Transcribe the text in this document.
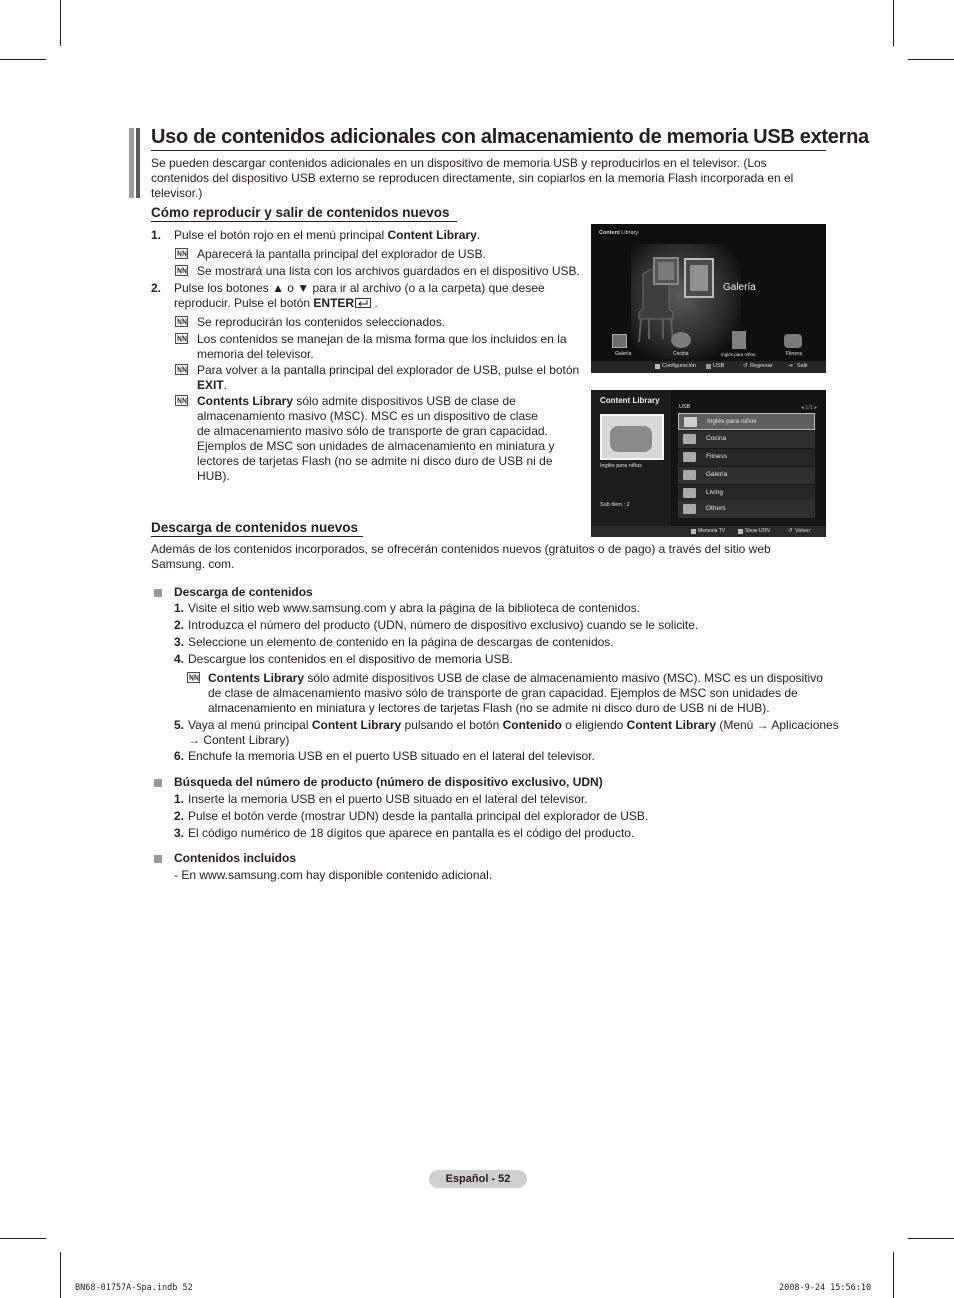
Uso de contenidos adicionales con almacenamiento de memoria USB externa
Se pueden descargar contenidos adicionales en un dispositivo de memoria USB y reproducirlos en el televisor. (Los contenidos del dispositivo USB externo se reproducen directamente, sin copiarlos en la memoria Flash incorporada en el televisor.)
Cómo reproducir y salir de contenidos nuevos
1. Pulse el botón rojo en el menú principal Content Library.
Aparecerá la pantalla principal del explorador de USB.
Se mostrará una lista con los archivos guardados en el dispositivo USB.
2. Pulse los botones ▲ o ▼ para ir al archivo (o a la carpeta) que desee
reproducir. Pulse el botón ENTER .
Se reproducirán los contenidos seleccionados.
Los contenidos se manejan de la misma forma que los incluidos en la
memoria del televisor.
Para volver a la pantalla principal del explorador de USB, pulse el botón
EXIT.
Contents Library sólo admite dispositivos USB de clase de
almacenamiento masivo (MSC). MSC es un dispositivo de clase
de almacenamiento masivo sólo de transporte de gran capacidad.
Ejemplos de MSC son unidades de almacenamiento en miniatura y
lectores de tarjetas Flash (no se admite ni disco duro de USB ni de
HUB).
Content Library
Galería
Galería	Cocina	Inglés para niños	Fitness
Configuración	USB	↺ Regresar	⇥ Salir
Content Library
Inglés para niños
Sub Item : 2
USB	◂ 1/1 ▸
Memoria TV	Show UDN	↺ Volver
Inglés para niños
Cocina
Fitness
Galería
Living
Others
Descarga de contenidos nuevos
Además de los contenidos incorporados, se ofrecerán contenidos nuevos (gratuitos o de pago) a través del sitio web Samsung. com.
Descarga de contenidos
1. Visite el sitio web www.samsung.com y abra la página de la biblioteca de contenidos.
2. Introduzca el número del producto (UDN, número de dispositivo exclusivo) cuando se le solicite.
3. Seleccione un elemento de contenido en la página de descargas de contenidos.
4. Descargue los contenidos en el dispositivo de memoria USB.
Contents Library sólo admite dispositivos USB de clase de almacenamiento masivo (MSC). MSC es un dispositivo
de clase de almacenamiento masivo sólo de transporte de gran capacidad. Ejemplos de MSC son unidades de
almacenamiento en miniatura y lectores de tarjetas Flash (no se admite ni disco duro de USB ni de HUB).
5. Vaya al menú principal Content Library pulsando el botón Contenido o eligiendo Content Library (Menú → Aplicaciones
→ Content Library)
6. Enchufe la memoria USB en el puerto USB situado en el lateral del televisor.
Búsqueda del número de producto (número de dispositivo exclusivo, UDN)
1. Inserte la memoria USB en el puerto USB situado en el lateral del televisor.
2. Pulse el botón verde (mostrar UDN) desde la pantalla principal del explorador de USB.
3. El código numérico de 18 dígitos que aparece en pantalla es el código del producto.
Contenidos incluidos
- En www.samsung.com hay disponible contenido adicional.
Español - 52
BN68-01757A-Spa.indb 52	2008-9-24 15:56:10
